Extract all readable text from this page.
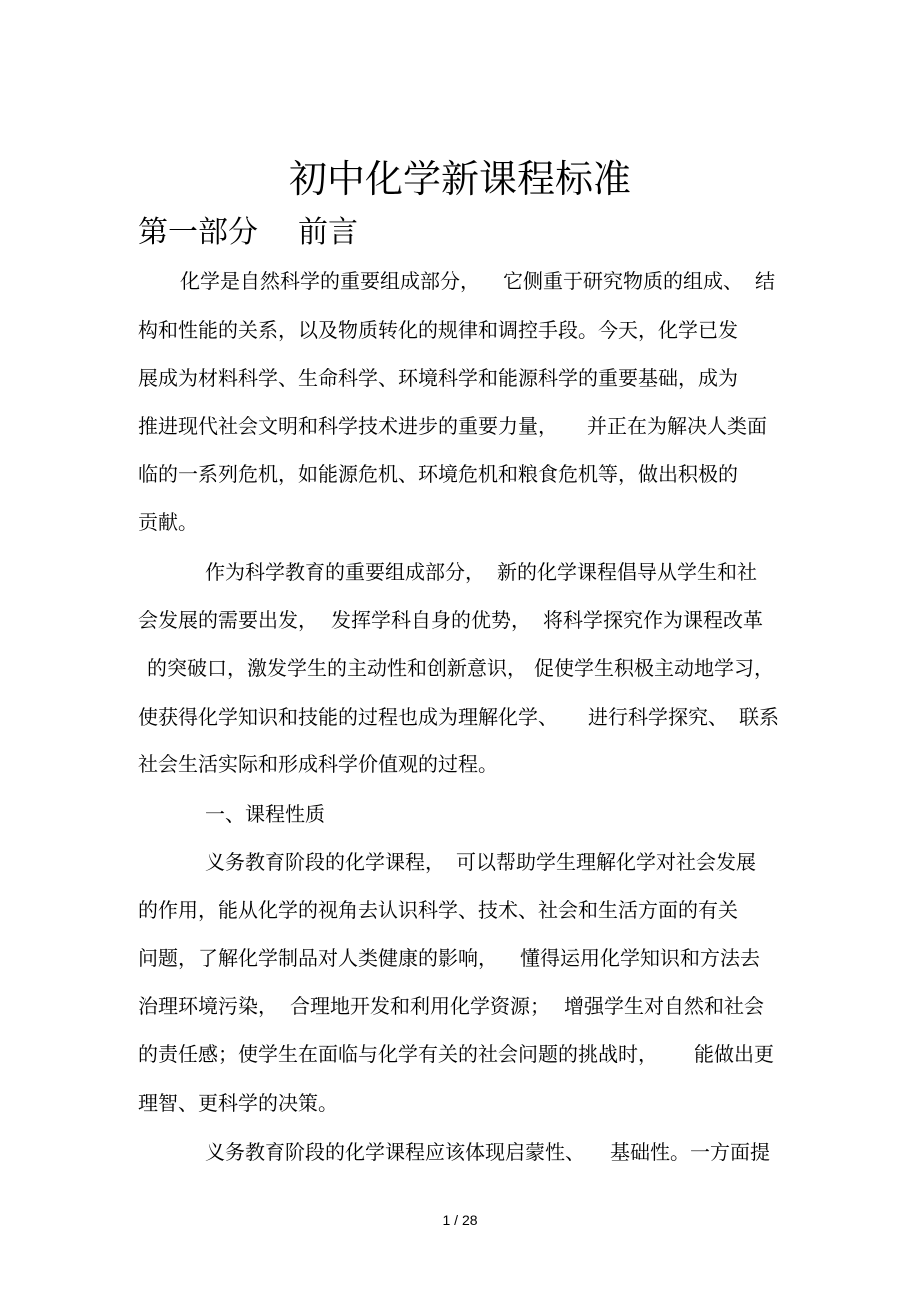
初中化学新课程标准
第一部分 前言
化学是自然科学的重要组成部分， 它侧重于研究物质的组成、 结
构和性能的关系，以及物质转化的规律和调控手段。今天，化学已发
展成为材料科学、生命科学、环境科学和能源科学的重要基础，成为
推进现代社会文明和科学技术进步的重要力量， 并正在为解决人类面
临的一系列危机，如能源危机、环境危机和粮食危机等，做出积极的
贡献。
作为科学教育的重要组成部分， 新的化学课程倡导从学生和社
会发展的需要出发， 发挥学科自身的优势， 将科学探究作为课程改革
的突破口，激发学生的主动性和创新意识， 促使学生积极主动地学习，
使获得化学知识和技能的过程也成为理解化学、 进行科学探究、 联系
社会生活实际和形成科学价值观的过程。
一、课程性质
义务教育阶段的化学课程， 可以帮助学生理解化学对社会发展
的作用，能从化学的视角去认识科学、技术、社会和生活方面的有关
问题，了解化学制品对人类健康的影响， 懂得运用化学知识和方法去
治理环境污染， 合理地开发和利用化学资源； 增强学生对自然和社会
的责任感；使学生在面临与化学有关的社会问题的挑战时， 能做出更
理智、更科学的决策。
义务教育阶段的化学课程应该体现启蒙性、 基础性。一方面提
1 / 28
